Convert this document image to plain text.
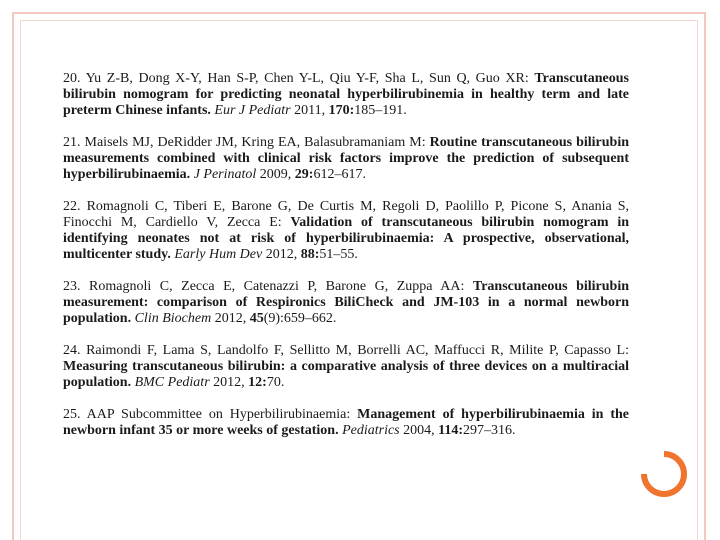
20. Yu Z-B, Dong X-Y, Han S-P, Chen Y-L, Qiu Y-F, Sha L, Sun Q, Guo XR: Transcutaneous bilirubin nomogram for predicting neonatal hyperbilirubinemia in healthy term and late preterm Chinese infants. Eur J Pediatr 2011, 170:185–191.

21. Maisels MJ, DeRidder JM, Kring EA, Balasubramaniam M: Routine transcutaneous bilirubin measurements combined with clinical risk factors improve the prediction of subsequent hyperbilirubinaemia. J Perinatol 2009, 29:612–617.

22. Romagnoli C, Tiberi E, Barone G, De Curtis M, Regoli D, Paolillo P, Picone S, Anania S, Finocchi M, Cardiello V, Zecca E: Validation of transcutaneous bilirubin nomogram in identifying neonates not at risk of hyperbilirubinaemia: A prospective, observational, multicenter study. Early Hum Dev 2012, 88:51–55.

23. Romagnoli C, Zecca E, Catenazzi P, Barone G, Zuppa AA: Transcutaneous bilirubin measurement: comparison of Respironics BiliCheck and JM-103 in a normal newborn population. Clin Biochem 2012, 45(9):659–662.

24. Raimondi F, Lama S, Landolfo F, Sellitto M, Borrelli AC, Maffucci R, Milite P, Capasso L: Measuring transcutaneous bilirubin: a comparative analysis of three devices on a multiracial population. BMC Pediatr 2012, 12:70.

25. AAP Subcommittee on Hyperbilirubinaemia: Management of hyperbilirubinaemia in the newborn infant 35 or more weeks of gestation. Pediatrics 2004, 114:297–316.
